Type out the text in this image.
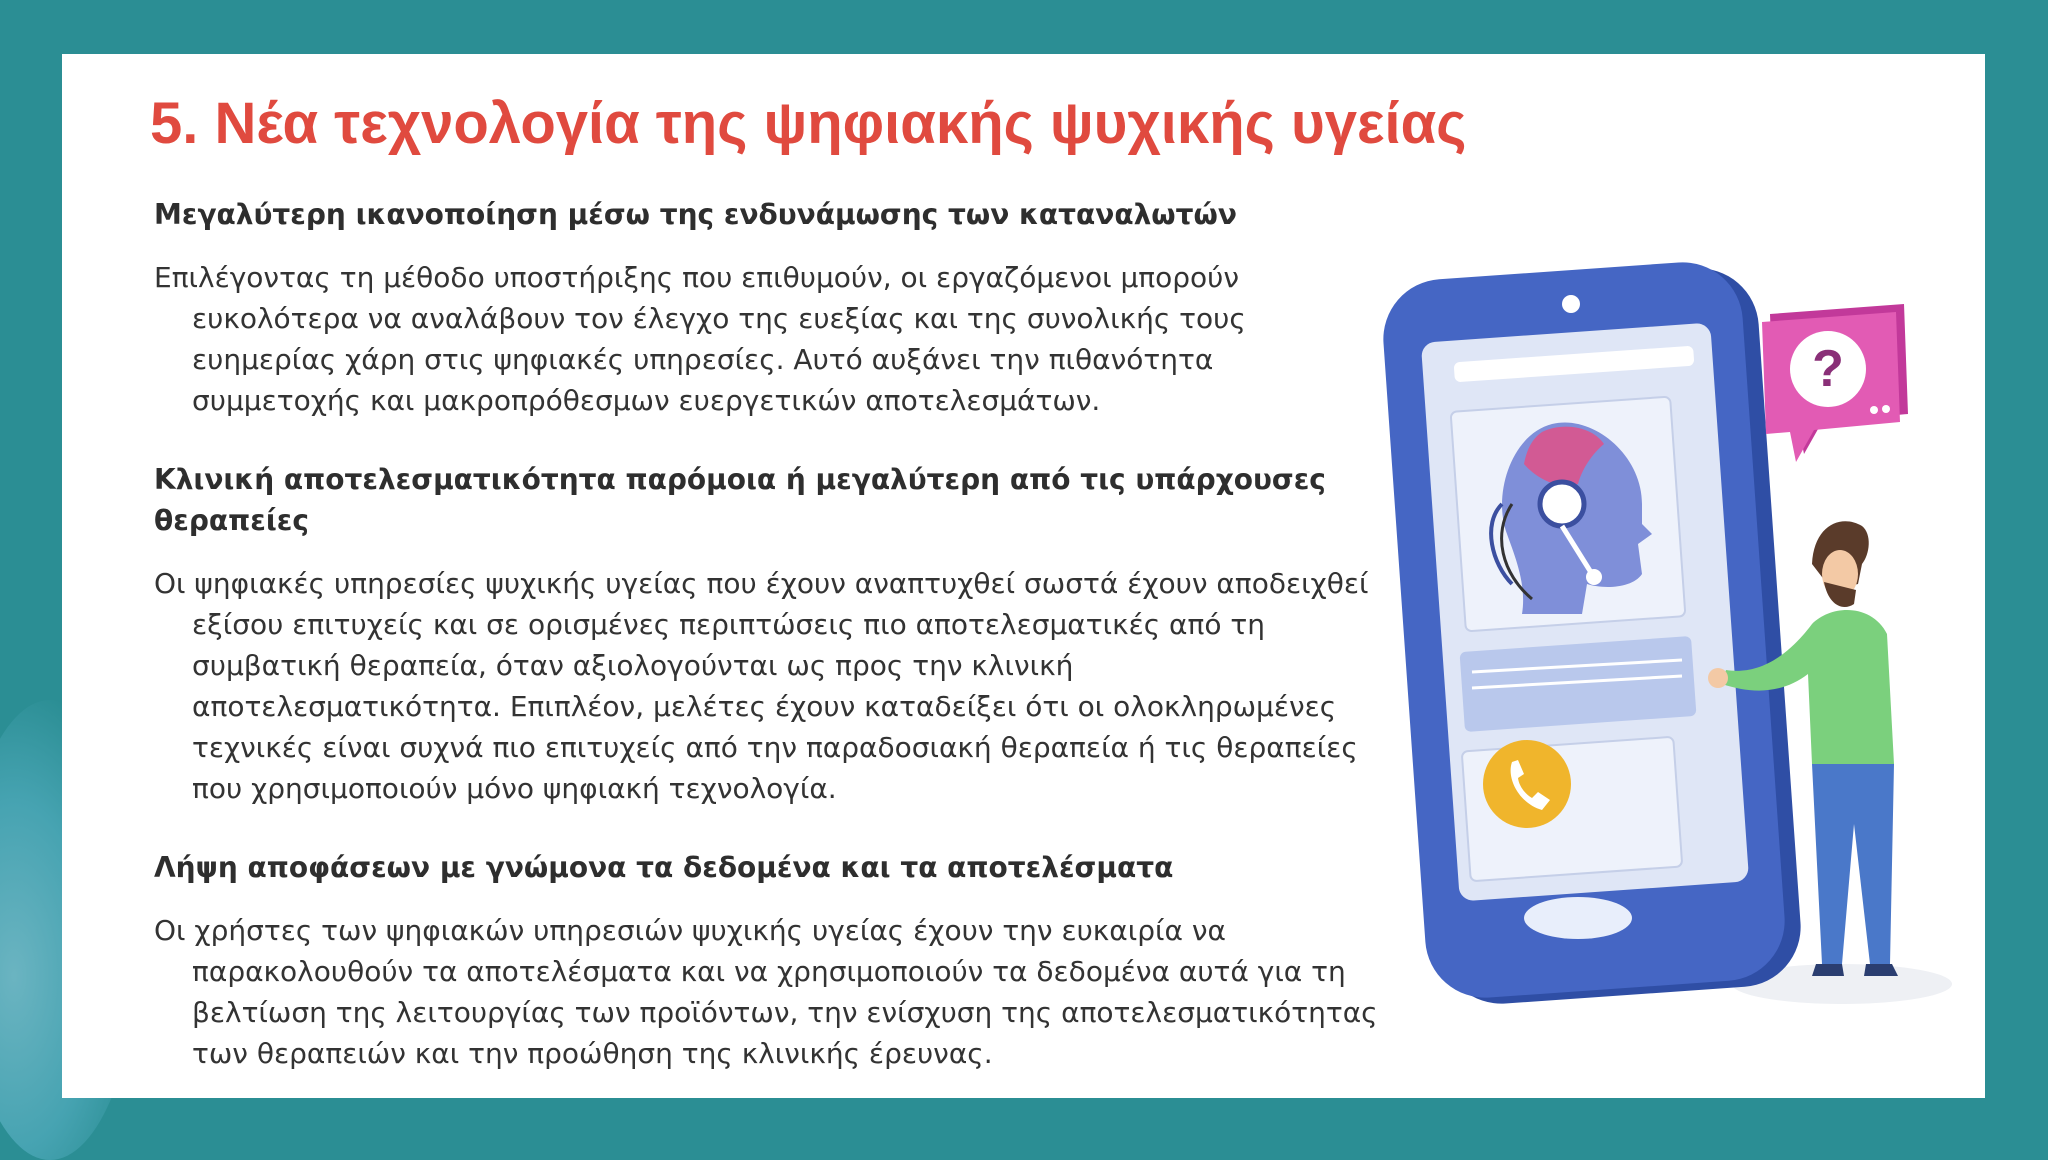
5. Νέα τεχνολογία της ψηφιακής ψυχικής υγείας

Μεγαλύτερη ικανοποίηση μέσω της ενδυνάμωσης των καταναλωτών

Επιλέγοντας τη μέθοδο υποστήριξης που επιθυμούν, οι εργαζόμενοι μπορούν ευκολότερα να αναλάβουν τον έλεγχο της ευεξίας και της συνολικής τους ευημερίας χάρη στις ψηφιακές υπηρεσίες. Αυτό αυξάνει την πιθανότητα συμμετοχής και μακροπρόθεσμων ευεργετικών αποτελεσμάτων.

Κλινική αποτελεσματικότητα παρόμοια ή μεγαλύτερη από τις υπάρχουσες θεραπείες

Οι ψηφιακές υπηρεσίες ψυχικής υγείας που έχουν αναπτυχθεί σωστά έχουν αποδειχθεί εξίσου επιτυχείς και σε ορισμένες περιπτώσεις πιο αποτελεσματικές από τη συμβατική θεραπεία, όταν αξιολογούνται ως προς την κλινική αποτελεσματικότητα. Επιπλέον, μελέτες έχουν καταδείξει ότι οι ολοκληρωμένες τεχνικές είναι συχνά πιο επιτυχείς από την παραδοσιακή θεραπεία ή τις θεραπείες που χρησιμοποιούν μόνο ψηφιακή τεχνολογία.

Λήψη αποφάσεων με γνώμονα τα δεδομένα και τα αποτελέσματα

Οι χρήστες των ψηφιακών υπηρεσιών ψυχικής υγείας έχουν την ευκαιρία να παρακολουθούν τα αποτελέσματα και να χρησιμοποιούν τα δεδομένα αυτά για τη βελτίωση της λειτουργίας των προϊόντων, την ενίσχυση της αποτελεσματικότητας των θεραπειών και την προώθηση της κλινικής έρευνας.

?
